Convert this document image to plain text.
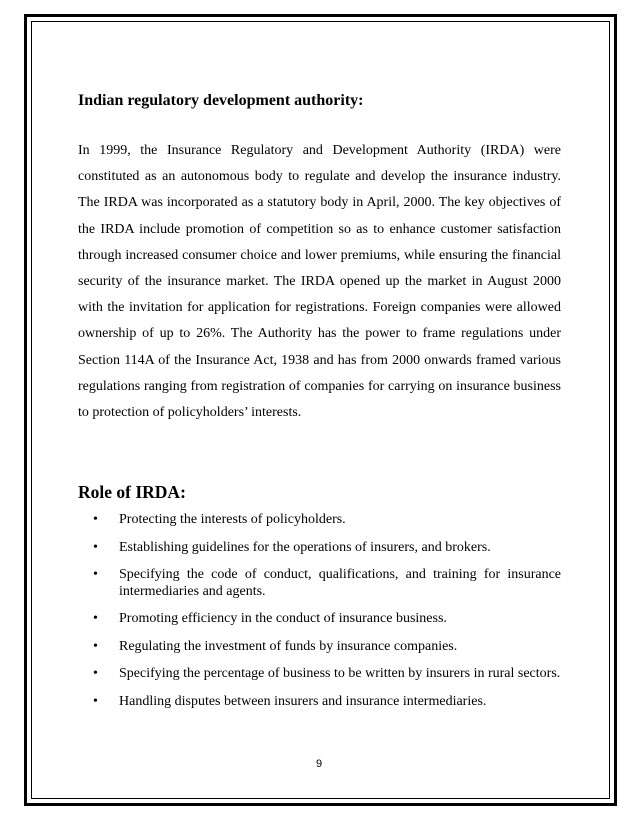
Indian regulatory development authority:

In 1999, the Insurance Regulatory and Development Authority (IRDA) were constituted as an autonomous body to regulate and develop the insurance industry. The IRDA was incorporated as a statutory body in April, 2000. The key objectives of the IRDA include promotion of competition so as to enhance customer satisfaction through increased consumer choice and lower premiums, while ensuring the financial security of the insurance market. The IRDA opened up the market in August 2000 with the invitation for application for registrations. Foreign companies were allowed ownership of up to 26%. The Authority has the power to frame regulations under Section 114A of the Insurance Act, 1938 and has from 2000 onwards framed various regulations ranging from registration of companies for carrying on insurance business to protection of policyholders’ interests.

Role of IRDA:
• Protecting the interests of policyholders.
• Establishing guidelines for the operations of insurers, and brokers.
• Specifying the code of conduct, qualifications, and training for insurance intermediaries and agents.
• Promoting efficiency in the conduct of insurance business.
• Regulating the investment of funds by insurance companies.
• Specifying the percentage of business to be written by insurers in rural sectors.
• Handling disputes between insurers and insurance intermediaries.
9
